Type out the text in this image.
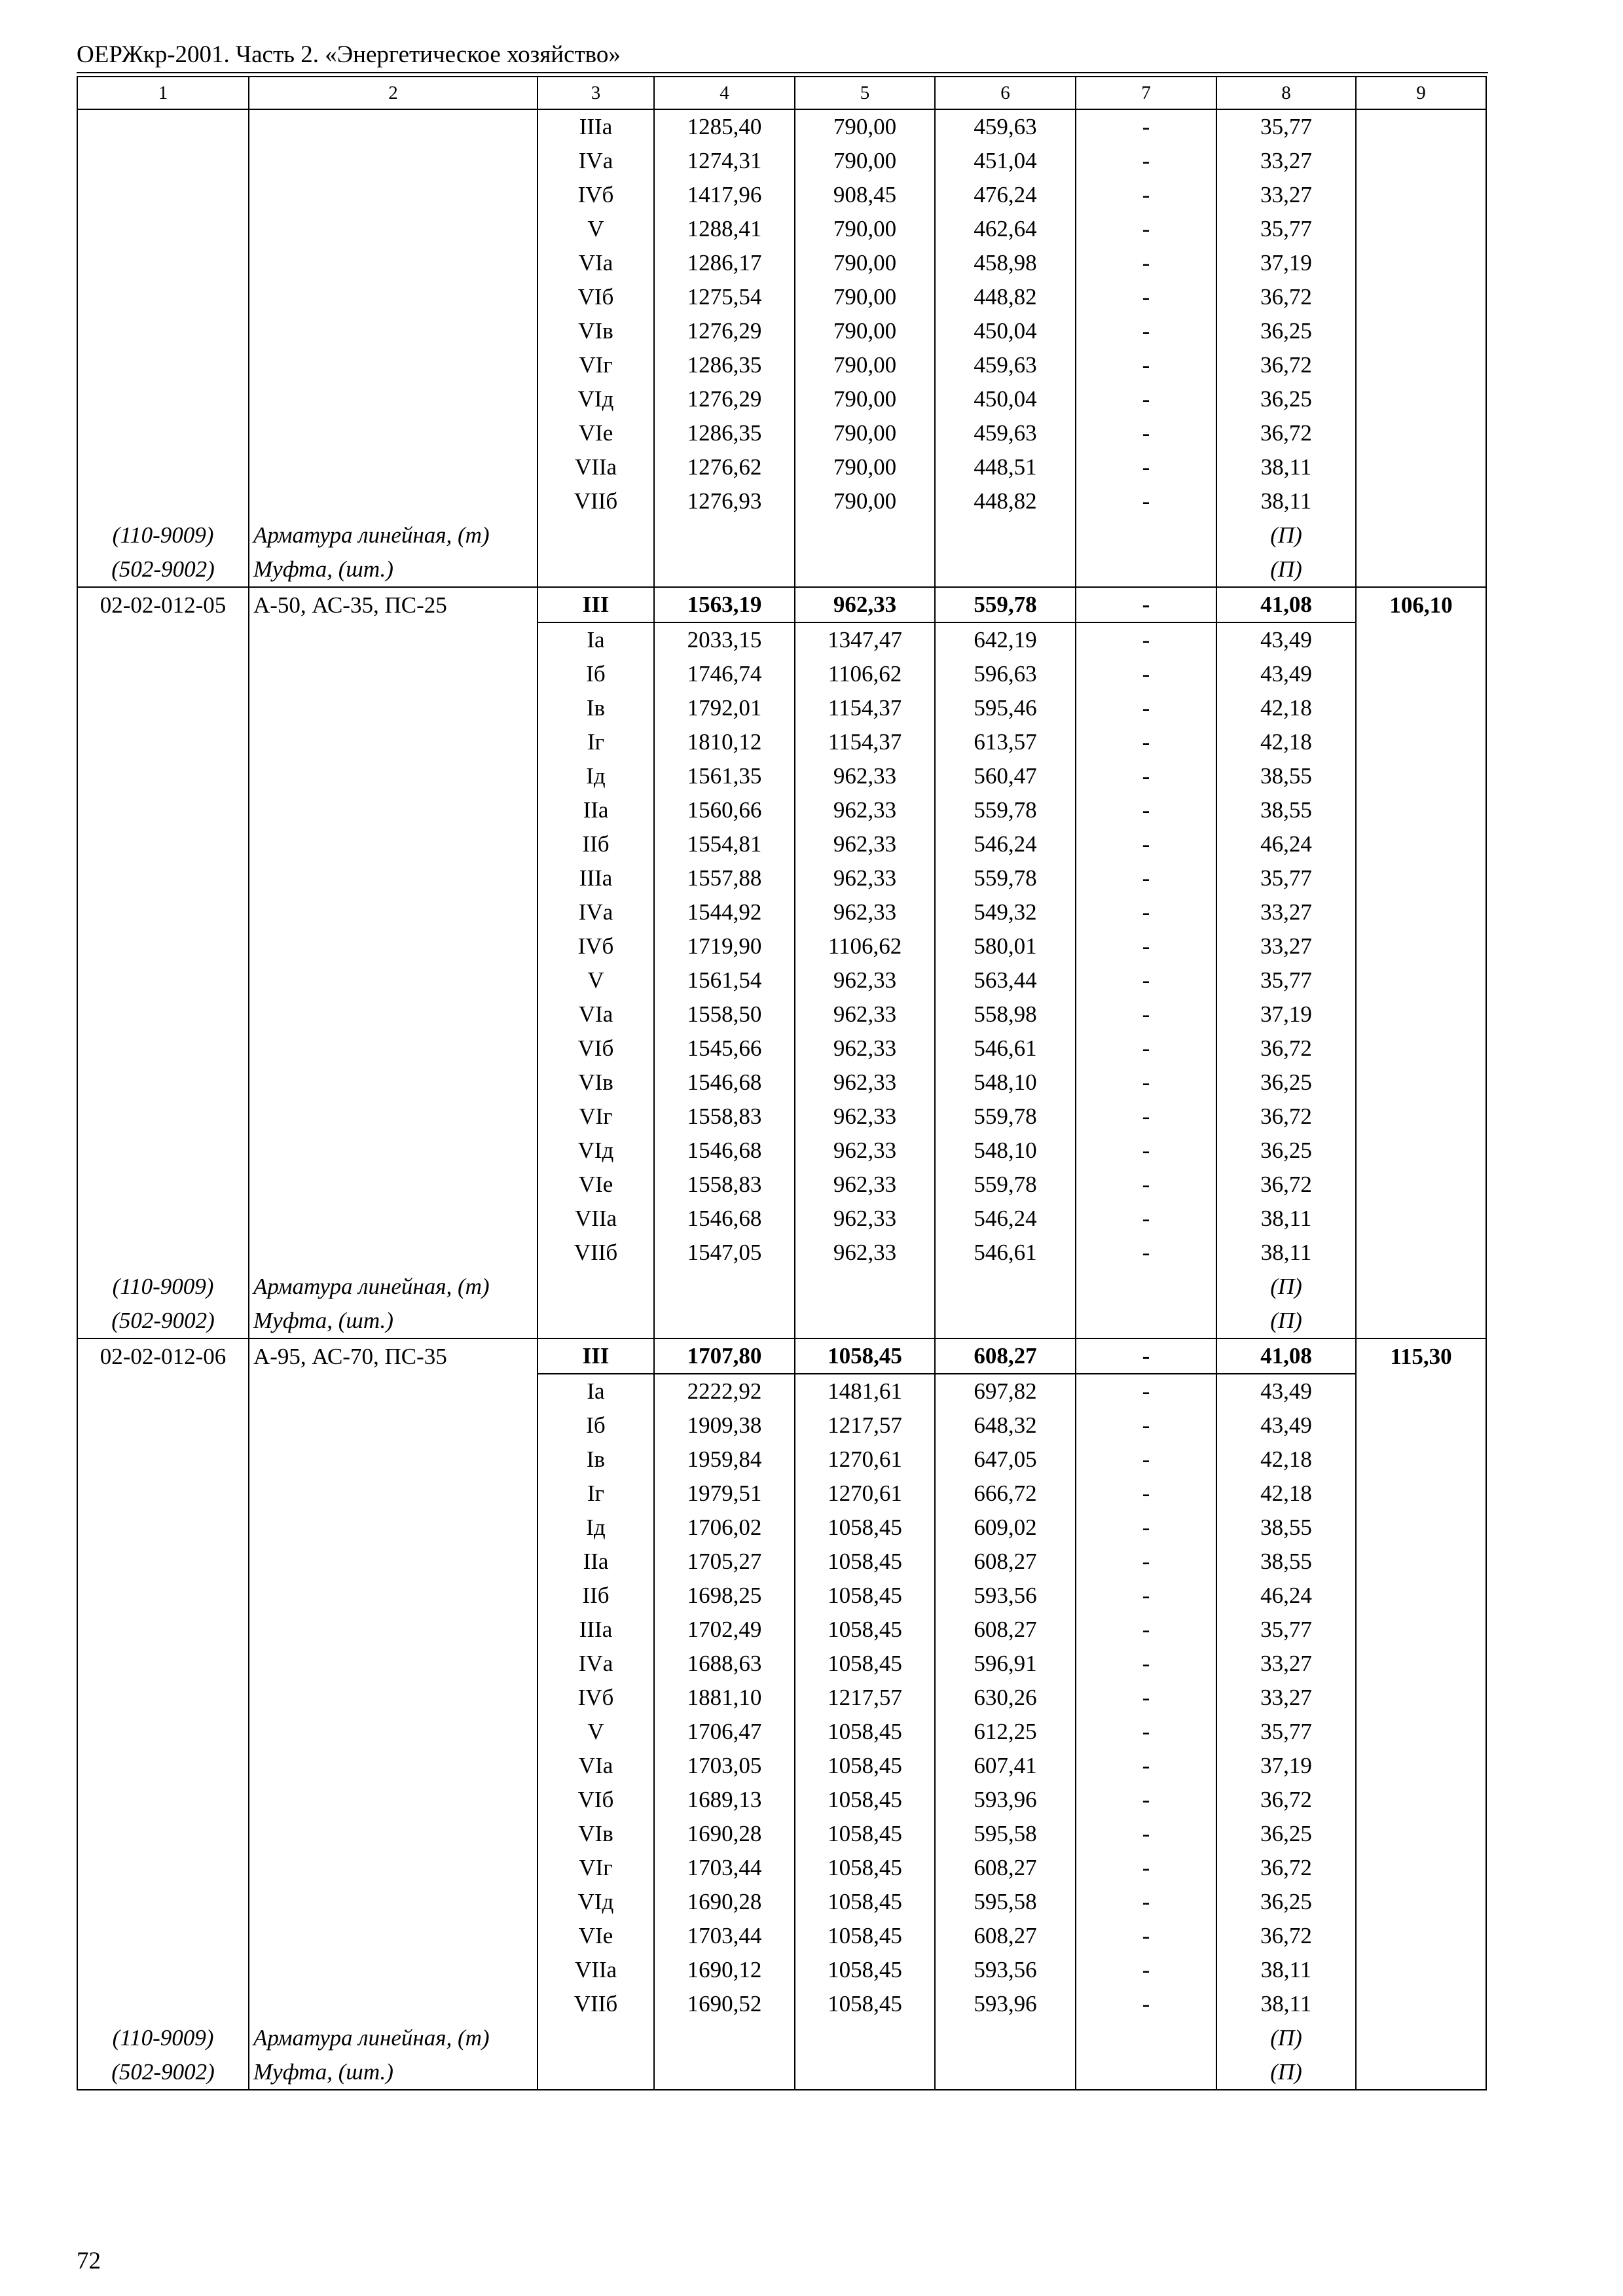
ОЕРЖкр-2001. Часть 2. «Энергетическое хозяйство»
1	2	3	4	5	6	7	8	9
		IIIа	1285,40	790,00	459,63	-	35,77	
		IVа	1274,31	790,00	451,04	-	33,27	
		IVб	1417,96	908,45	476,24	-	33,27	
		V	1288,41	790,00	462,64	-	35,77	
		VIа	1286,17	790,00	458,98	-	37,19	
		VIб	1275,54	790,00	448,82	-	36,72	
		VIв	1276,29	790,00	450,04	-	36,25	
		VIг	1286,35	790,00	459,63	-	36,72	
		VIд	1276,29	790,00	450,04	-	36,25	
		VIе	1286,35	790,00	459,63	-	36,72	
		VIIа	1276,62	790,00	448,51	-	38,11	
		VIIб	1276,93	790,00	448,82	-	38,11	
(110-9009)	Арматура линейная, (т)						(П)	
(502-9002)	Муфта, (шт.)						(П)	
02-02-012-05	А-50, АС-35, ПС-25	III	1563,19	962,33	559,78	-	41,08	106,10
		Iа	2033,15	1347,47	642,19	-	43,49	
		Iб	1746,74	1106,62	596,63	-	43,49	
		Iв	1792,01	1154,37	595,46	-	42,18	
		Iг	1810,12	1154,37	613,57	-	42,18	
		Iд	1561,35	962,33	560,47	-	38,55	
		IIа	1560,66	962,33	559,78	-	38,55	
		IIб	1554,81	962,33	546,24	-	46,24	
		IIIа	1557,88	962,33	559,78	-	35,77	
		IVа	1544,92	962,33	549,32	-	33,27	
		IVб	1719,90	1106,62	580,01	-	33,27	
		V	1561,54	962,33	563,44	-	35,77	
		VIа	1558,50	962,33	558,98	-	37,19	
		VIб	1545,66	962,33	546,61	-	36,72	
		VIв	1546,68	962,33	548,10	-	36,25	
		VIг	1558,83	962,33	559,78	-	36,72	
		VIд	1546,68	962,33	548,10	-	36,25	
		VIе	1558,83	962,33	559,78	-	36,72	
		VIIа	1546,68	962,33	546,24	-	38,11	
		VIIб	1547,05	962,33	546,61	-	38,11	
(110-9009)	Арматура линейная, (т)						(П)	
(502-9002)	Муфта, (шт.)						(П)	
02-02-012-06	А-95, АС-70, ПС-35	III	1707,80	1058,45	608,27	-	41,08	115,30
		Iа	2222,92	1481,61	697,82	-	43,49	
		Iб	1909,38	1217,57	648,32	-	43,49	
		Iв	1959,84	1270,61	647,05	-	42,18	
		Iг	1979,51	1270,61	666,72	-	42,18	
		Iд	1706,02	1058,45	609,02	-	38,55	
		IIа	1705,27	1058,45	608,27	-	38,55	
		IIб	1698,25	1058,45	593,56	-	46,24	
		IIIа	1702,49	1058,45	608,27	-	35,77	
		IVа	1688,63	1058,45	596,91	-	33,27	
		IVб	1881,10	1217,57	630,26	-	33,27	
		V	1706,47	1058,45	612,25	-	35,77	
		VIа	1703,05	1058,45	607,41	-	37,19	
		VIб	1689,13	1058,45	593,96	-	36,72	
		VIв	1690,28	1058,45	595,58	-	36,25	
		VIг	1703,44	1058,45	608,27	-	36,72	
		VIд	1690,28	1058,45	595,58	-	36,25	
		VIе	1703,44	1058,45	608,27	-	36,72	
		VIIа	1690,12	1058,45	593,56	-	38,11	
		VIIб	1690,52	1058,45	593,96	-	38,11	
(110-9009)	Арматура линейная, (т)						(П)	
(502-9002)	Муфта, (шт.)						(П)	
72
